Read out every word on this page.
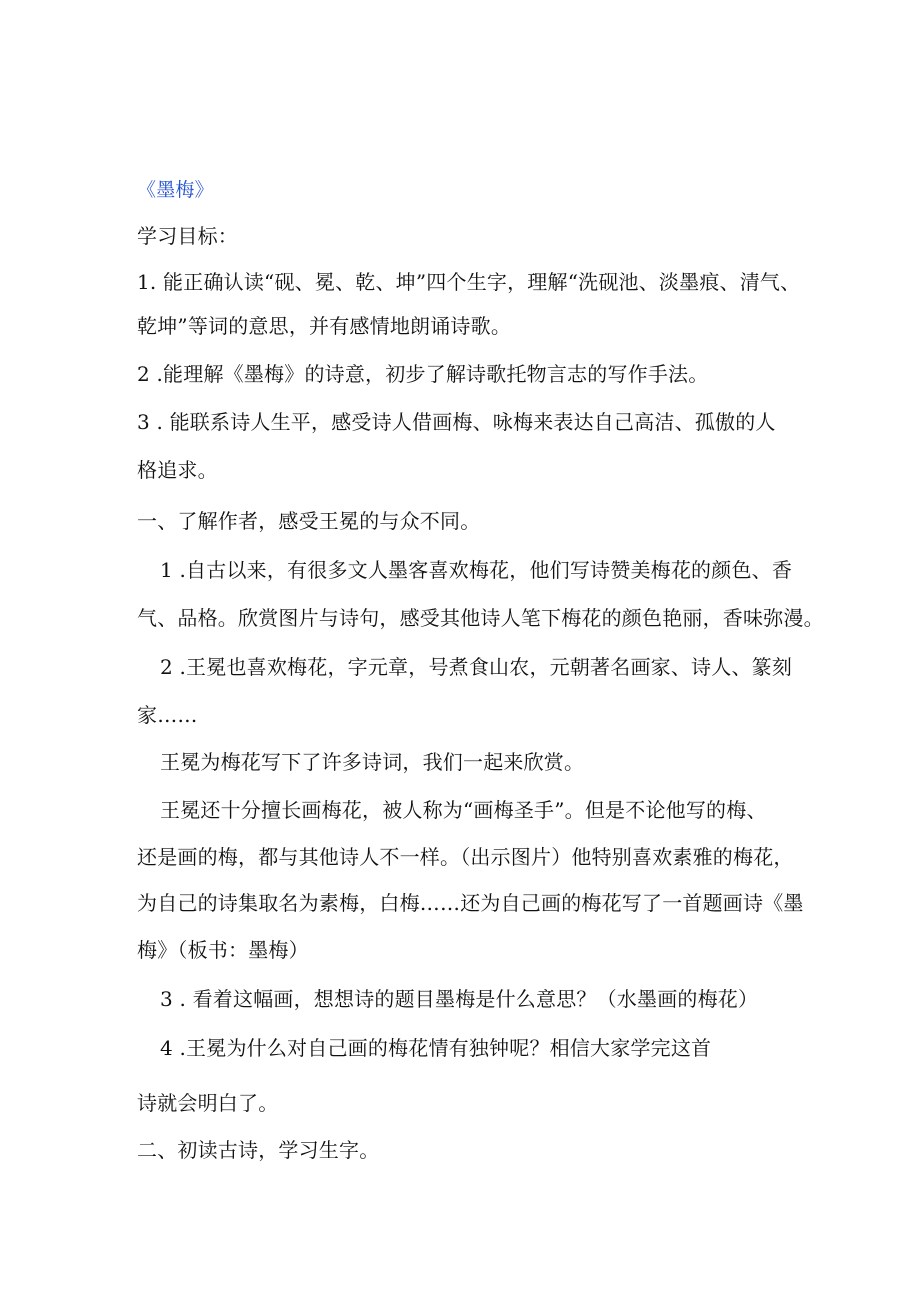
《墨梅》
学习目标：
1. 能正确认读“砚、冕、乾、坤”四个生字，理解“洗砚池、淡墨痕、清气、
乾坤”等词的意思，并有感情地朗诵诗歌。
2 .能理解《墨梅》的诗意，初步了解诗歌托物言志的写作手法。
3 . 能联系诗人生平，感受诗人借画梅、咏梅来表达自己高洁、孤傲的人
格追求。
一、了解作者，感受王冕的与众不同。
1 .自古以来，有很多文人墨客喜欢梅花，他们写诗赞美梅花的颜色、香
气、品格。欣赏图片与诗句，感受其他诗人笔下梅花的颜色艳丽，香味弥漫。
2 .王冕也喜欢梅花，字元章，号煮食山农，元朝著名画家、诗人、篆刻
家……
王冕为梅花写下了许多诗词，我们一起来欣赏。
王冕还十分擅长画梅花，被人称为“画梅圣手”。但是不论他写的梅、
还是画的梅，都与其他诗人不一样。（出示图片）他特别喜欢素雅的梅花，
为自己的诗集取名为素梅，白梅……还为自己画的梅花写了一首题画诗《墨
梅》（板书：墨梅）
3 . 看着这幅画，想想诗的题目墨梅是什么意思？（水墨画的梅花）
4 .王冕为什么对自己画的梅花情有独钟呢？相信大家学完这首
诗就会明白了。
二、初读古诗，学习生字。
